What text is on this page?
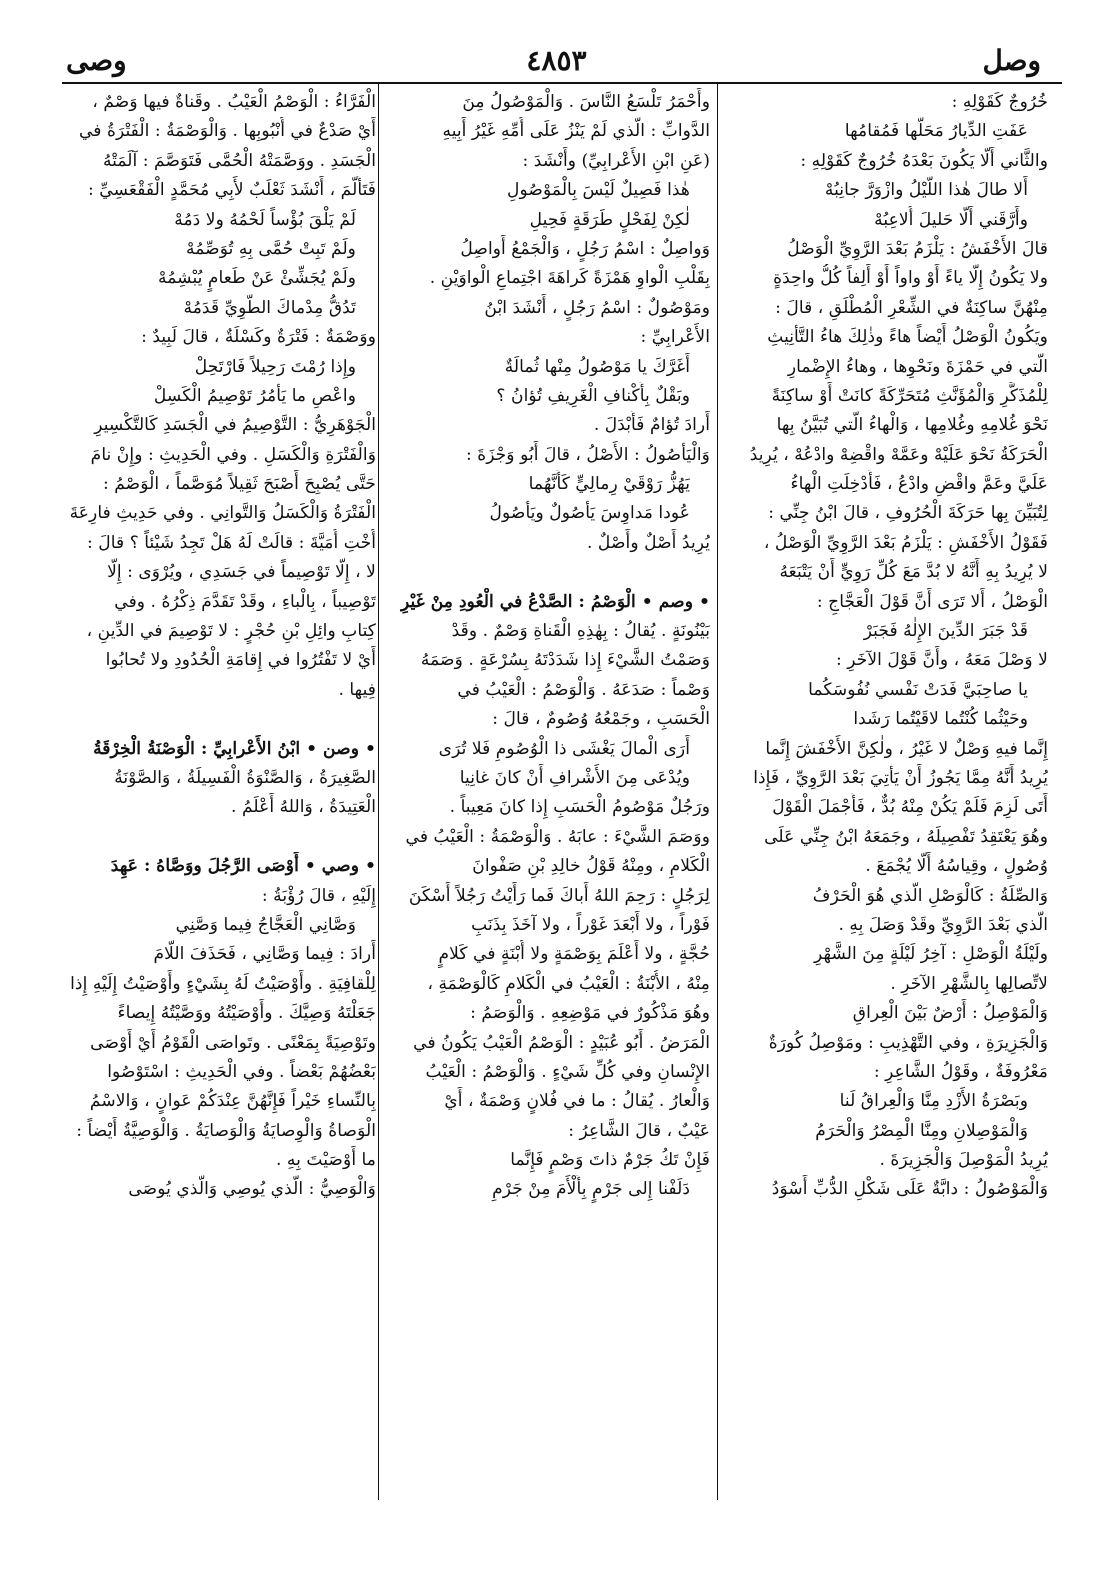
وصل
٤٨٥٣
وصى
خُرُوجٌ كَقَوْلِهِ :
عَفَتِ الدِّيارُ مَحَلُّها فَمُقامُها
والثَّاني أَلَّا يَكُونَ بَعْدَهُ خُرُوجٌ كَقَوْلِهِ :
أَلا طالَ هٰذا اللَّيْلُ وازْوَرَّ جانِبُهْ
وأَرَّقَني أَلَّا حَليلَ أُلاعِبُهْ
قالَ الأَخْفَشُ : يَلْزَمُ بَعْدَ الرَّوِيِّ الْوَصْلُ
ولا يَكُونُ إِلَّا ياءً أَوْ واواً أَوْ أَلِفاً كُلُّ واحِدَةٍ
مِنْهُنَّ ساكِنَةٌ في الشِّعْرِ الْمُطْلَقِ ، قالَ :
ويَكُونُ الْوَصْلُ أَيْضاً هاءً وذٰلِكَ هاءُ التَّأْنِيثِ
الَّتي في حَمْزَةَ ونَحْوِها ، وهاءُ الإِضْمارِ
لِلْمُذَكَّرِ وَالْمُؤَنَّثِ مُتَحَرِّكَةً كانَتْ أَوْ ساكِنَةً
نَحْوَ غُلامِهِ وغُلامِها ، وَالْهاءُ الَّتي تُبَيَّنُ بِها
الْحَرَكَةُ نَحْوَ عَلَيْهْ وعَمَّهْ واقْضِهْ وادْعُهْ ، يُرِيدُ
عَلَيَّ وعَمَّ واقْضِ وادْعُ ، فَأُدْخِلَتِ الْهاءُ
لِتُبَيِّنَ بِها حَرَكَةَ الْحُرُوفِ ، قالَ ابْنُ جِنِّي :
فَقَوْلُ الأَخْفَشِ : يَلْزَمُ بَعْدَ الرَّوِيِّ الْوَصْلُ ،
لا يُرِيدُ بِهِ أَنَّهُ لا بُدَّ مَعَ كُلِّ رَوِيٍّ أَنْ يَتْبَعَهُ
الْوَصْلُ ، أَلا تَرَى أَنَّ قَوْلَ الْعَجَّاجِ :
قَدْ جَبَرَ الدِّينَ الإِلٰهُ فَجَبَرْ
لا وَصْلَ مَعَهُ ، وأَنَّ قَوْلَ الآخَرِ :
يا صاحِبَيَّ فَدَتْ نَفْسي نُفُوسَكُما
وحَيْثُما كُنْتُما لاقَيْتُما رَشَدا
إِنَّما فيهِ وَصْلٌ لا غَيْرُ ، ولٰكِنَّ الأَخْفَشَ إِنَّما
يُرِيدُ أَنَّهُ مِمَّا يَجُوزُ أَنْ يَأْتِيَ بَعْدَ الرَّوِيِّ ، فَإِذا
أَتَى لَزِمَ فَلَمْ يَكُنْ مِنْهُ بُدٌّ ، فَأَجْمَلَ الْقَوْلَ
وهُوَ يَعْتَقِدُ تَفْصِيلَهُ ، وجَمَعَهُ ابْنُ جِنِّي عَلَى
وُصُولٍ ، وقِياسُهُ أَلَّا يُجْمَعَ .
وَالصِّلَةُ : كَالْوَصْلِ الَّذي هُوَ الْحَرْفُ
الَّذي بَعْدَ الرَّوِيِّ وقَدْ وَصَلَ بِهِ .
ولَيْلَةُ الْوَصْلِ : آخِرُ لَيْلَةٍ مِنَ الشَّهْرِ
لاتِّصالِها بِالشَّهْرِ الآخَرِ .
وَالْمَوْصِلُ : أَرْضٌ بَيْنَ الْعِراقِ
وَالْجَزِيرَةِ ، وفي التَّهْذِيبِ : ومَوْصِلُ كُورَةٌ
مَعْرُوفَةٌ ، وقَوْلُ الشَّاعِرِ :
وبَصْرَةُ الأَزْدِ مِنَّا وَالْعِراقُ لَنا
وَالْمَوْصِلانِ ومِنَّا الْمِصْرُ وَالْحَرَمُ
يُرِيدُ الْمَوْصِلَ وَالْجَزِيرَةَ .
وَالْمَوْصُولُ : دابَّةٌ عَلَى شَكْلِ الدُّبِّ أَسْوَدُ
وأَحْمَرُ تَلْسَعُ النَّاسَ . وَالْمَوْصُولُ مِنَ
الدَّوابِّ : الَّذي لَمْ يَنْزُ عَلَى أُمِّهِ غَيْرُ أَبِيهِ
(عَنِ ابْنِ الأَعْرابِيِّ) وأَنْشَدَ :
هٰذا فَصِيلٌ لَيْسَ بِالْمَوْصُولِ
لٰكِنْ لِفَحْلٍ طَرَقَةٍ فَحِيلِ
وَواصِلٌ : اسْمُ رَجُلٍ ، وَالْجَمْعُ أَواصِلُ
بِقَلْبِ الْواوِ هَمْزَةً كَراهَةَ اجْتِماعِ الْواوَيْنِ .
ومَوْصُولٌ : اسْمُ رَجُلٍ ، أَنْشَدَ ابْنُ
الأَعْرابِيِّ :
أَغَرَّكَ يا مَوْصُولُ مِنْها ثُمالَةٌ
وبَقْلٌ بِأَكْنافِ الْغَرِيفِ تُؤانُ ؟
أَرادَ تُؤامٌ فَأَبْدَلَ .
وَالْيَأْصُولُ : الأَصْلُ ، قالَ أَبُو وَجْزَةَ :
يَهُزُّ رَوْقَيْ رِمالِيٍّ كَأَنَّهُما
عُودا مَداوِسَ يَأْصُولٌ ويَأْصُولُ
يُرِيدُ أَصْلٌ وأَصْلٌ .
• وصم • الْوَصْمُ : الصَّدْعُ في الْعُودِ مِنْ غَيْرِ
بَيْنُونَةٍ . يُقالُ : بِهٰذِهِ الْقَناةِ وَصْمٌ . وقَدْ
وَصَمْتُ الشَّيْءَ إِذا شَدَدْتَهُ بِسُرْعَةٍ . وَصَمَهُ
وَصْماً : صَدَعَهُ . وَالْوَصْمُ : الْعَيْبُ في
الْحَسَبِ ، وجَمْعُهُ وُصُومٌ ، قالَ :
أَرَى الْمالَ يَغْشَى ذا الْوُصُومِ فَلا تُرَى
ويُدْعَى مِنَ الأَشْرافِ أَنْ كانَ غانِيا
ورَجُلٌ مَوْصُومُ الْحَسَبِ إِذا كانَ مَعِيباً .
ووَصَمَ الشَّيْءَ : عابَهُ . وَالْوَصْمَةُ : الْعَيْبُ في
الْكَلامِ ، ومِنْهُ قَوْلُ خالِدِ بْنِ صَفْوانَ
لِرَجُلٍ : رَحِمَ اللهُ أَباكَ فَما رَأَيْتُ رَجُلاً أَسْكَنَ
فَوْراً ، ولا أَبْعَدَ غَوْراً ، ولا آخَذَ بِذَنَبِ
حُجَّةٍ ، ولا أَعْلَمَ بِوَصْمَةٍ ولا أُبْنَةٍ في كَلامٍ
مِنْهُ ، الأُبْنَةُ : الْعَيْبُ في الْكَلامِ كَالْوَصْمَةِ ،
وهُوَ مَذْكُورٌ في مَوْضِعِهِ . وَالْوَصَمُ :
الْمَرَضُ . أَبُو عُبَيْدٍ : الْوَصْمُ الْعَيْبُ يَكُونُ في
الإِنْسانِ وفي كُلِّ شَيْءٍ . وَالْوَصْمُ : الْعَيْبُ
وَالْعارُ . يُقالُ : ما في فُلانٍ وَصْمَةٌ ، أَيْ
عَيْبٌ ، قالَ الشَّاعِرُ :
فَإِنْ تَكُ جَرْمٌ ذاتَ وَصْمٍ فَإِنَّما
دَلَفْنا إِلى جَرْمٍ بِأَلْأَمَ مِنْ جَرْمِ
الْفَرَّاءُ : الْوَصْمُ الْعَيْبُ . وقَناةٌ فيها وَصْمٌ ،
أَيْ صَدْعٌ في أُنْبُوبِها . وَالْوَصْمَةُ : الْفَتْرَةُ في
الْجَسَدِ . ووَصَّمَتْهُ الْحُمَّى فَتَوَصَّمَ : آلَمَتْهُ
فَتَأَلَّمَ ، أَنْشَدَ ثَعْلَبٌ لأَبِي مُحَمَّدٍ الْفَقْعَسِيِّ :
لَمْ يَلْقَ بُؤْساً لَحْمُهُ ولا دَمُهْ
ولَمْ تَبِتْ حُمَّى بِهِ تُوَصِّمُهْ
ولَمْ يُجَشِّئْ عَنْ طَعامٍ يُبْشِمُهْ
تَدُقُّ مِدْماكَ الطَّوِيِّ قَدَمُهْ
ووَصْمَةٌ : فَتْرَةٌ وكَسْلَةٌ ، قالَ لَبِيدٌ :
وإِذا رُمْتَ رَحِيلاً فَارْتَحِلْ
واعْصِ ما يَأْمُرُ تَوْصِيمُ الْكَسِلْ
الْجَوْهَرِيُّ : التَّوْصِيمُ في الْجَسَدِ كَالتَّكْسِيرِ
وَالْفَتْرَةِ وَالْكَسَلِ . وفي الْحَدِيثِ : وإِنْ نامَ
حَتَّى يُصْبِحَ أَصْبَحَ ثَقِيلاً مُوَصَّماً ، الْوَصْمُ :
الْفَتْرَةُ وَالْكَسَلُ وَالتَّوانِي . وفي حَدِيثِ فارِعَةَ
أُخْتِ أُمَيَّةَ : قالَتْ لَهُ هَلْ تَجِدُ شَيْئاً ؟ قالَ :
لا ، إِلَّا تَوْصِيماً في جَسَدِي ، ويُرْوَى : إِلَّا
تَوْصِيباً ، بِالْباءِ ، وقَدْ تَقَدَّمَ ذِكْرُهُ . وفي
كِتابِ وائِلِ بْنِ حُجْرٍ : لا تَوْصِيمَ في الدِّينِ ،
أَيْ لا تَفْتُرُوا في إِقامَةِ الْحُدُودِ ولا تُحابُوا
فِيها .
• وصن • ابْنُ الأَعْرابِيِّ : الْوَصْنَةُ الْخِرْقَةُ
الصَّغِيرَةُ ، وَالصَّنْوَةُ الْفَسِيلَةُ ، وَالصَّوْنَةُ
الْعَتِيدَةُ ، وَاللهُ أَعْلَمُ .
• وصي • أَوْصَى الرَّجُلَ ووَصَّاهُ : عَهِدَ
إِلَيْهِ ، قالَ رُؤْبَةُ :
وَصَّانِي الْعَجَّاجُ فِيما وَصَّنِي
أَرادَ : فِيما وَصَّانِي ، فَحَذَفَ اللَّامَ
لِلْقافِيَةِ . وأَوْصَيْتُ لَهُ بِشَيْءٍ وأَوْصَيْتُ إِلَيْهِ إِذا
جَعَلْتَهُ وَصِيَّكَ . وأَوْصَيْتُهُ ووَصَّيْتُهُ إِيصاءً
وتَوْصِيَةً بِمَعْنًى . وتَواصَى الْقَوْمُ أَيْ أَوْصَى
بَعْضُهُمْ بَعْضاً . وفي الْحَدِيثِ : اسْتَوْصُوا
بِالنِّساءِ خَيْراً فَإِنَّهُنَّ عِنْدَكُمْ عَوانٍ ، وَالاسْمُ
الْوَصاةُ وَالْوِصايَةُ وَالْوَصايَةُ . وَالْوَصِيَّةُ أَيْضاً :
ما أَوْصَيْتَ بِهِ .
وَالْوَصِيُّ : الَّذي يُوصِي وَالَّذي يُوصَى
